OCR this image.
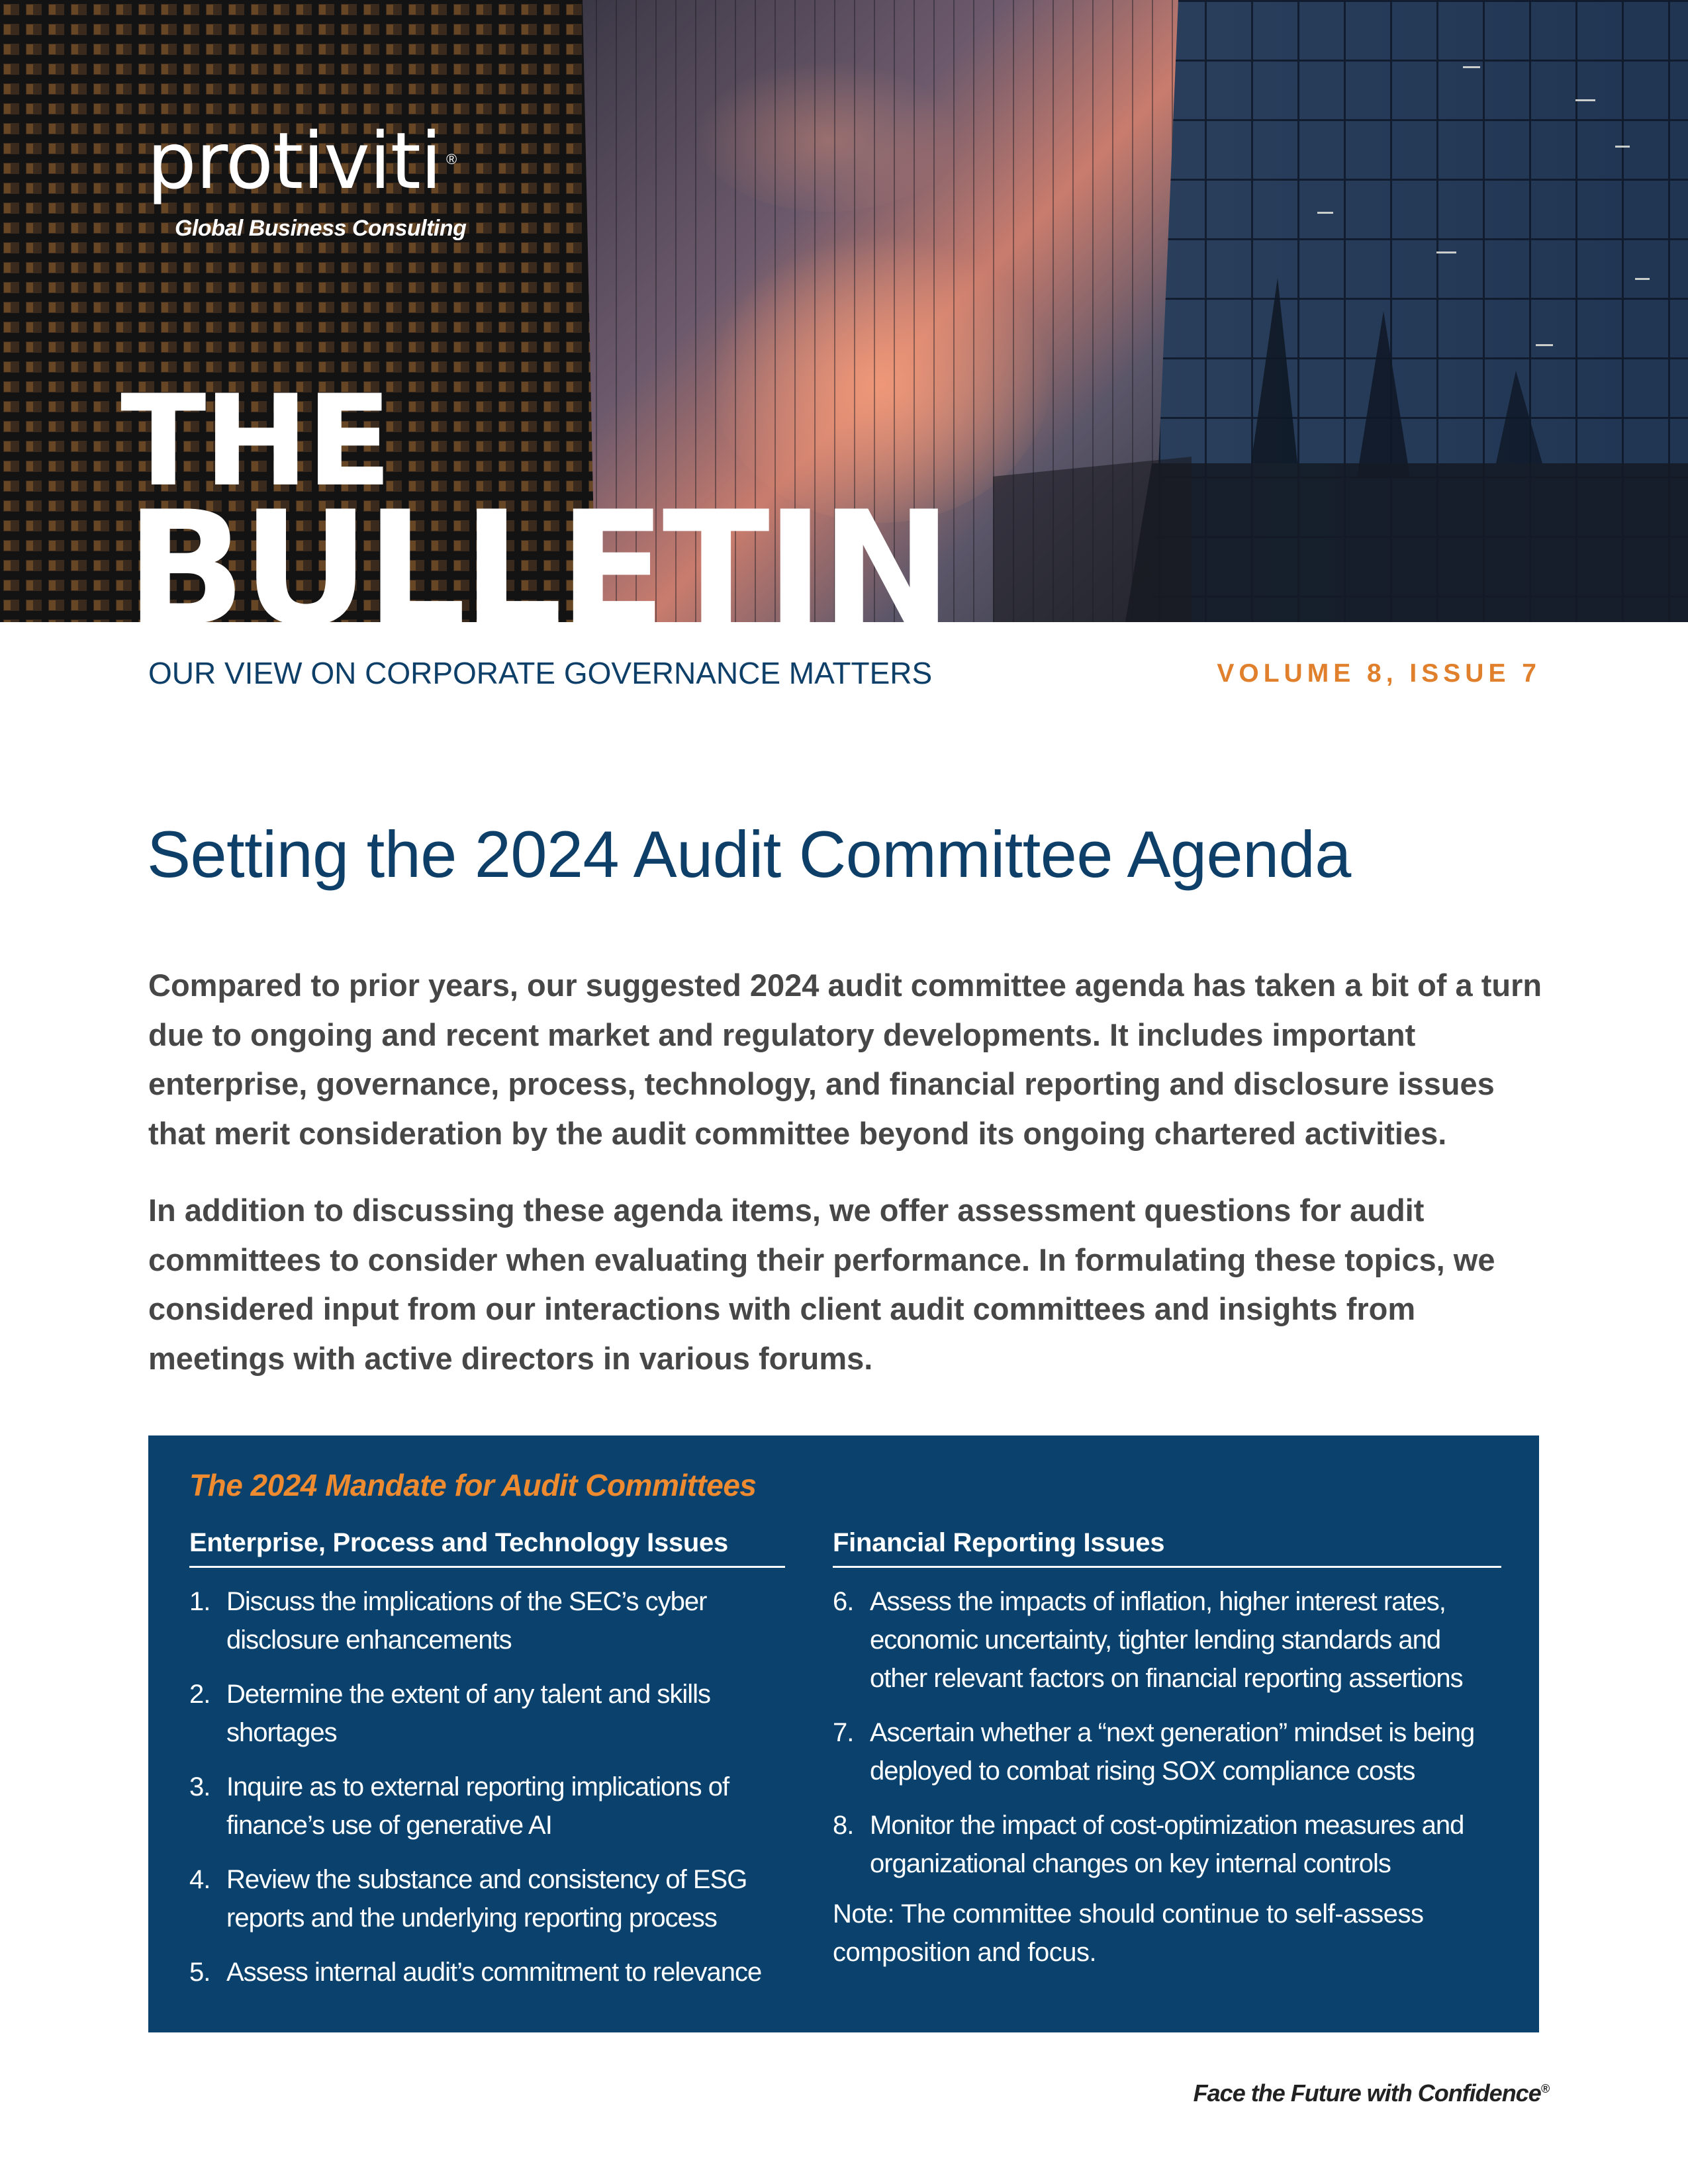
protiviti ®
Global Business Consulting
THE
BULLETIN
OUR VIEW ON CORPORATE GOVERNANCE MATTERS	VOLUME 8, ISSUE 7
Setting the 2024 Audit Committee Agenda

Compared to prior years, our suggested 2024 audit committee agenda has taken a bit of a turn due to ongoing and recent market and regulatory developments. It includes important enterprise, governance, process, technology, and financial reporting and disclosure issues that merit consideration by the audit committee beyond its ongoing chartered activities.

In addition to discussing these agenda items, we offer assessment questions for audit committees to consider when evaluating their performance. In formulating these topics, we considered input from our interactions with client audit committees and insights from meetings with active directors in various forums.

The 2024 Mandate for Audit Committees
Enterprise, Process and Technology Issues
1. Discuss the implications of the SEC’s cyber disclosure enhancements
2. Determine the extent of any talent and skills shortages
3. Inquire as to external reporting implications of finance’s use of generative AI
4. Review the substance and consistency of ESG reports and the underlying reporting process
5. Assess internal audit’s commitment to relevance
Financial Reporting Issues
6. Assess the impacts of inflation, higher interest rates, economic uncertainty, tighter lending standards and other relevant factors on financial reporting assertions
7. Ascertain whether a “next generation” mindset is being deployed to combat rising SOX compliance costs
8. Monitor the impact of cost-optimization measures and organizational changes on key internal controls
Note: The committee should continue to self-assess composition and focus.
Face the Future with Confidence®
